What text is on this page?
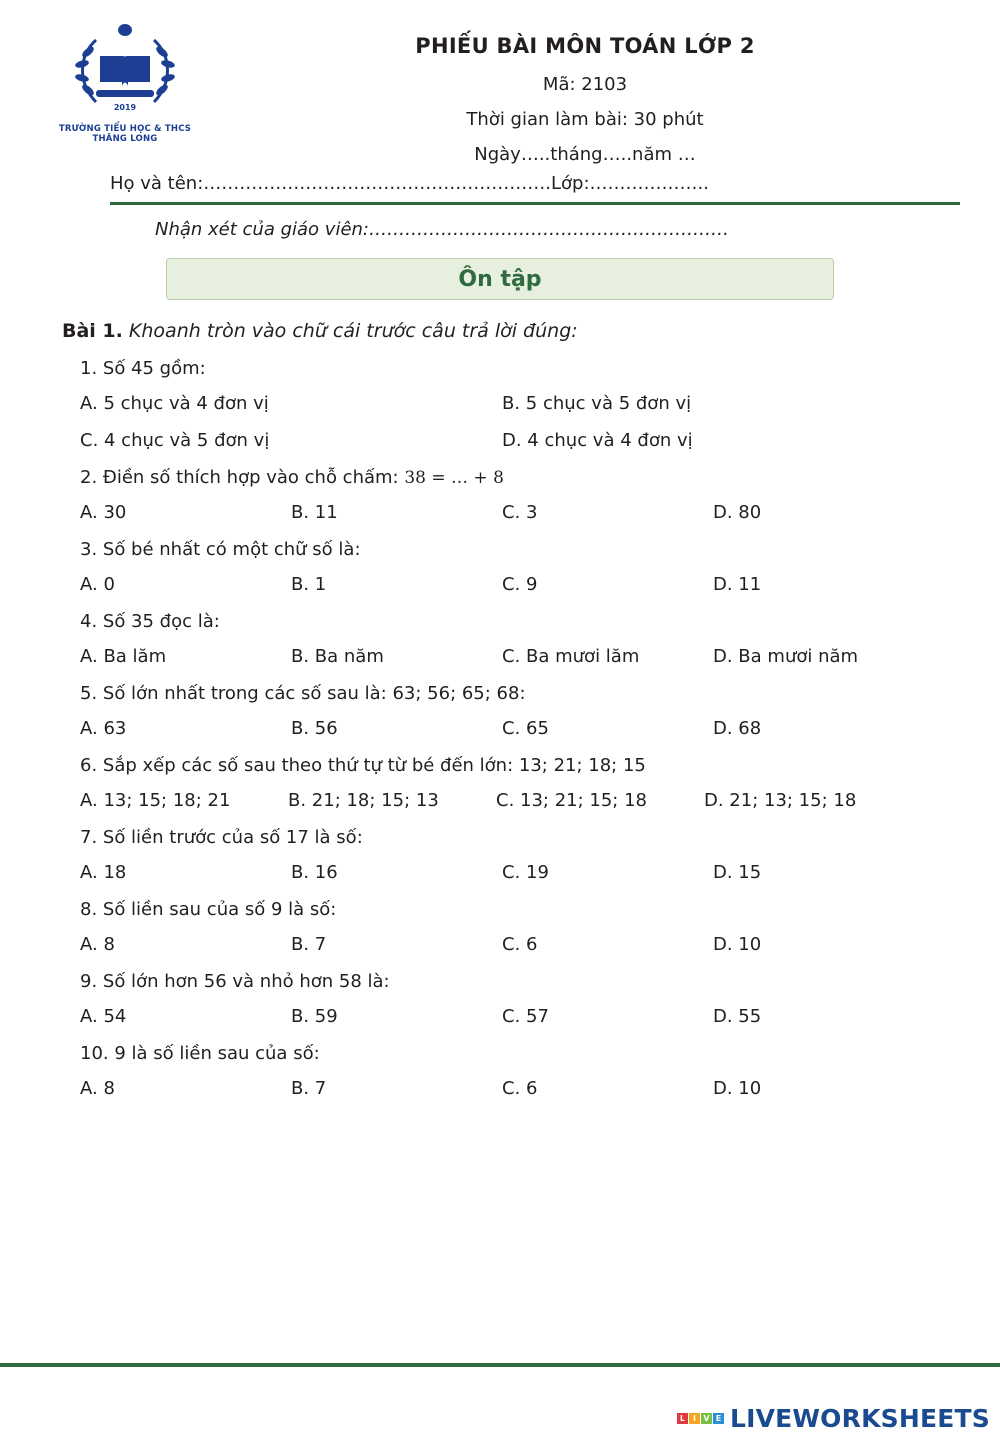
2019
TRƯỜNG TIỂU HỌC & THCS THĂNG LONG
PHIẾU BÀI MÔN TOÁN LỚP 2
Mã: 2103
Thời gian làm bài: 30 phút
Ngày…..tháng…..năm …
Họ và tên:………………………………………………….Lớp:………………..
Nhận xét của giáo viên:……………………………………………………
Ôn tập
Bài 1. Khoanh tròn vào chữ cái trước câu trả lời đúng:
1. Số 45 gồm:
A. 5 chục và 4 đơn vị	B. 5 chục và 5 đơn vị
C. 4 chục và 5 đơn vị	D. 4 chục và 4 đơn vị
2. Điền số thích hợp vào chỗ chấm: 38 = … + 8
A. 30	B. 11	C. 3	D. 80
3. Số bé nhất có một chữ số là:
A. 0	B. 1	C. 9	D. 11
4. Số 35 đọc là:
A. Ba lăm	B. Ba năm	C. Ba mươi lăm	D. Ba mươi năm
5. Số lớn nhất trong các số sau là: 63; 56; 65; 68:
A. 63	B. 56	C. 65	D. 68
6. Sắp xếp các số sau theo thứ tự từ bé đến lớn: 13; 21; 18; 15
A. 13; 15; 18; 21	B. 21; 18; 15; 13	C. 13; 21; 15; 18	D. 21; 13; 15; 18
7. Số liền trước của số 17 là số:
A. 18	B. 16	C. 19	D. 15
8. Số liền sau của số 9 là số:
A. 8	B. 7	C. 6	D. 10
9. Số lớn hơn 56 và nhỏ hơn 58 là:
A. 54	B. 59	C. 57	D. 55
10. 9 là số liền sau của số:
A. 8	B. 7	C. 6	D. 10
L I V E LIVEWORKSHEETS
